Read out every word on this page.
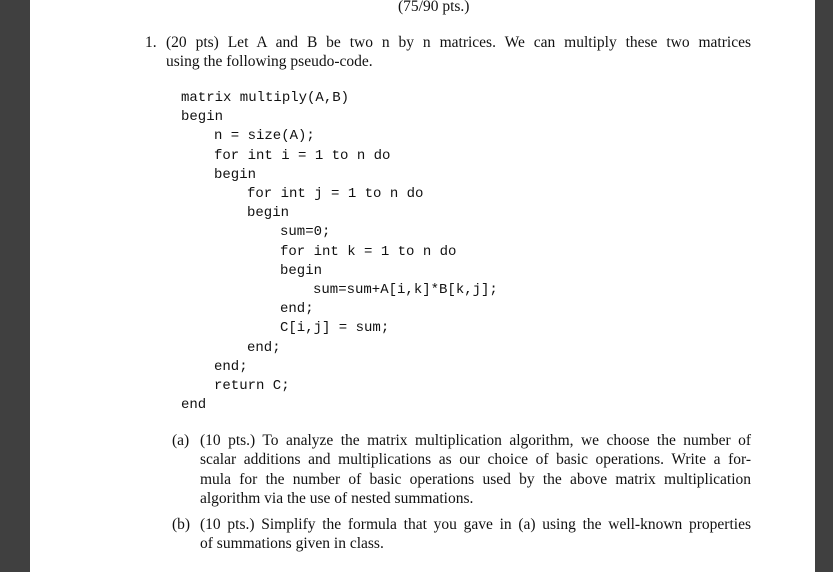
(75/90 pts.)
1. (20 pts) Let A and B be two n by n matrices. We can multiply these two matrices
using the following pseudo-code.
matrix multiply(A,B)
begin
n = size(A);
for int i = 1 to n do
begin
for int j = 1 to n do
begin
sum=0;
for int k = 1 to n do
begin
sum=sum+A[i,k]*B[k,j];
end;
C[i,j] = sum;
end;
end;
return C;
end
(a) (10 pts.) To analyze the matrix multiplication algorithm, we choose the number of
scalar additions and multiplications as our choice of basic operations. Write a for-
mula for the number of basic operations used by the above matrix multiplication
algorithm via the use of nested summations.
(b) (10 pts.) Simplify the formula that you gave in (a) using the well-known properties
of summations given in class.
